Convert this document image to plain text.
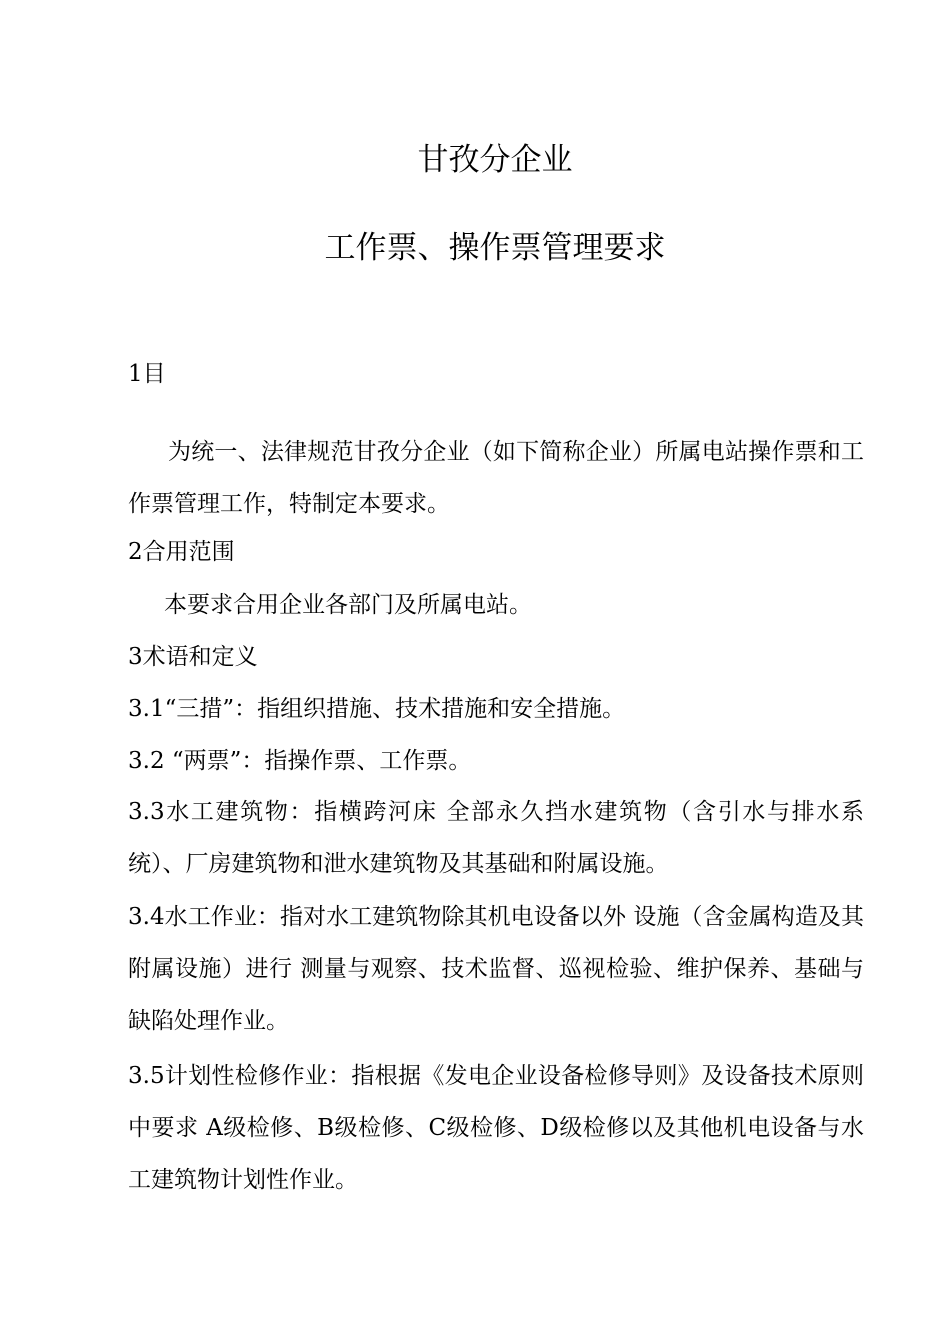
甘孜分企业
工作票、操作票管理要求
1目
为统一、法律规范甘孜分企业（如下简称企业）所属电站操作票和工作票管理工作，特制定本要求。
2合用范围
本要求合用企业各部门及所属电站。
3术语和定义
3.1“三措”：指组织措施、技术措施和安全措施。
3.2 “两票”：指操作票、工作票。
3.3水工建筑物：指横跨河床 全部永久挡水建筑物（含引水与排水系统）、厂房建筑物和泄水建筑物及其基础和附属设施。
3.4水工作业：指对水工建筑物除其机电设备以外 设施（含金属构造及其附属设施）进行 测量与观察、技术监督、巡视检验、维护保养、基础与缺陷处理作业。
3.5计划性检修作业：指根据《发电企业设备检修导则》及设备技术原则中要求 A级检修、B级检修、C级检修、D级检修以及其他机电设备与水工建筑物计划性作业。
